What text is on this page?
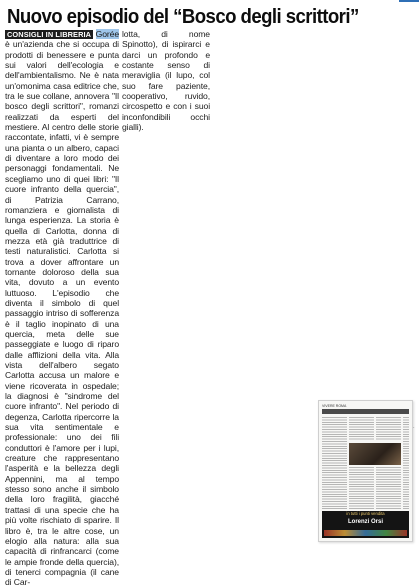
Nuovo episodio del “Bosco degli scrittori”
CONSIGLI IN LIBRERIA Gorée è un'azienda che si occupa di prodotti di benessere e punta sui valori dell'ecologia e dell'ambientalismo. Ne è nata un'omonima casa editrice che, tra le sue collane, annovera "Il bosco degli scrittori", romanzi realizzati da esperti del mestiere. Al centro delle storie raccontate, infatti, vi è sempre una pianta o un albero, capaci di diventare a loro modo dei personaggi fondamentali. Ne scegliamo uno di quei libri: "Il cuore infranto della quercia", di Patrizia Carrano, romanziera e giornalista di lunga esperienza. La storia è quella di Carlotta, donna di mezza età già traduttrice di testi naturalistici. Carlotta si trova a dover affrontare un tornante doloroso della sua vita, dovuto a un evento luttuoso. L'episodio che diventa il simbolo di quel passaggio intriso di sofferenza è il taglio inopinato di una quercia, meta delle sue passeggiate e luogo di riparo dalle afflizioni della vita. Alla vista dell'albero segato Carlotta accusa un malore e viene ricoverata in ospedale; la diagnosi è "sindrome del cuore infranto". Nel periodo di degenza, Carlotta ripercorre la sua vita sentimentale e professionale: uno dei fili conduttori è l'amore per i lupi, creature che rappresentano l'asperità e la bellezza degli Appennini, ma al tempo stesso sono anche il simbolo della loro fragilità, giacché trattasi di una specie che ha più volte rischiato di sparire. Il libro è, tra le altre cose, un elogio alla natura: alla sua capacità di rinfrancarci (come le ampie fronde della quercia), di tenerci compagnia (il cane di Car-
lotta, di nome Spinotto), di ispirarci e darci un profondo e costante senso di meraviglia (il lupo, col suo fare paziente, cooperativo, ruvido, circospetto e con i suoi inconfondibili occhi gialli).
VIVERE ROMA
in tutti i punti vendita
Lorenzi Orsi
·
